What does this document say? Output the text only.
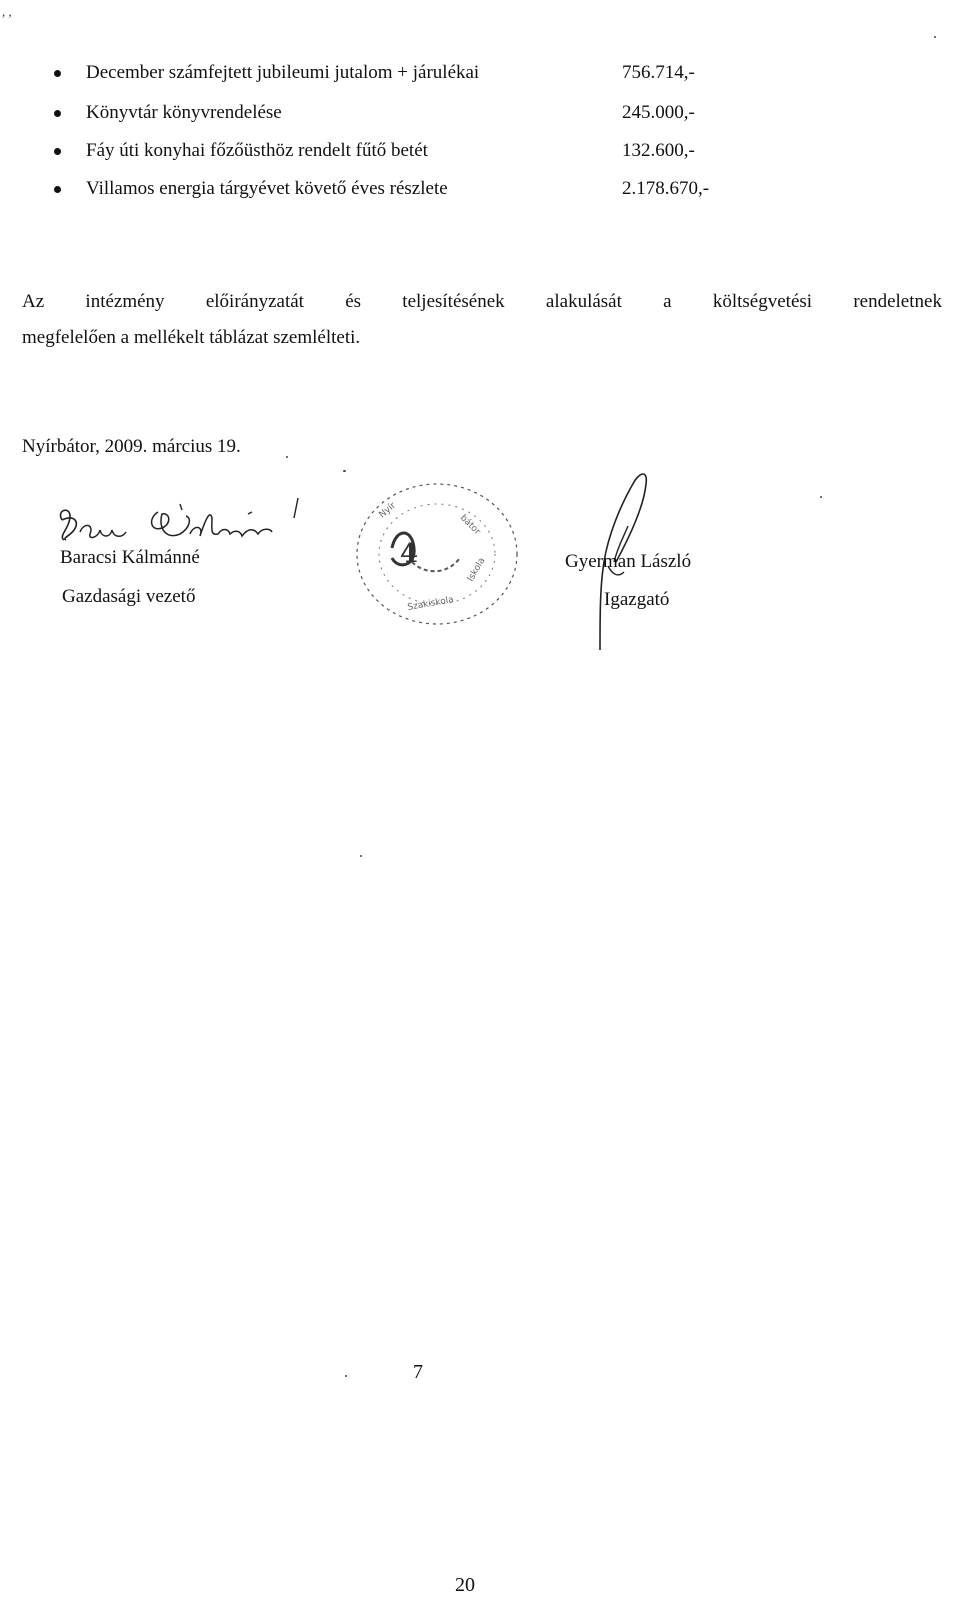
, ,
December számfejtett jubileumi jutalom + járulékai	756.714,-
Könyvtár könyvrendelése	245.000,-
Fáy úti konyhai főzőüsthöz rendelt fűtő betét	132.600,-
Villamos energia tárgyévet követő éves részlete	2.178.670,-
Az intézmény előirányzatát és teljesítésének alakulását a költségvetési rendeletnek
megfelelően a mellékelt táblázat szemlélteti.
Nyírbátor, 2009. március 19.
Baracsi Kálmánné
Gazdasági vezető
4
Nyír
bátor
Iskola
Szakiskola
Gyerman László
Igazgató
7
20
